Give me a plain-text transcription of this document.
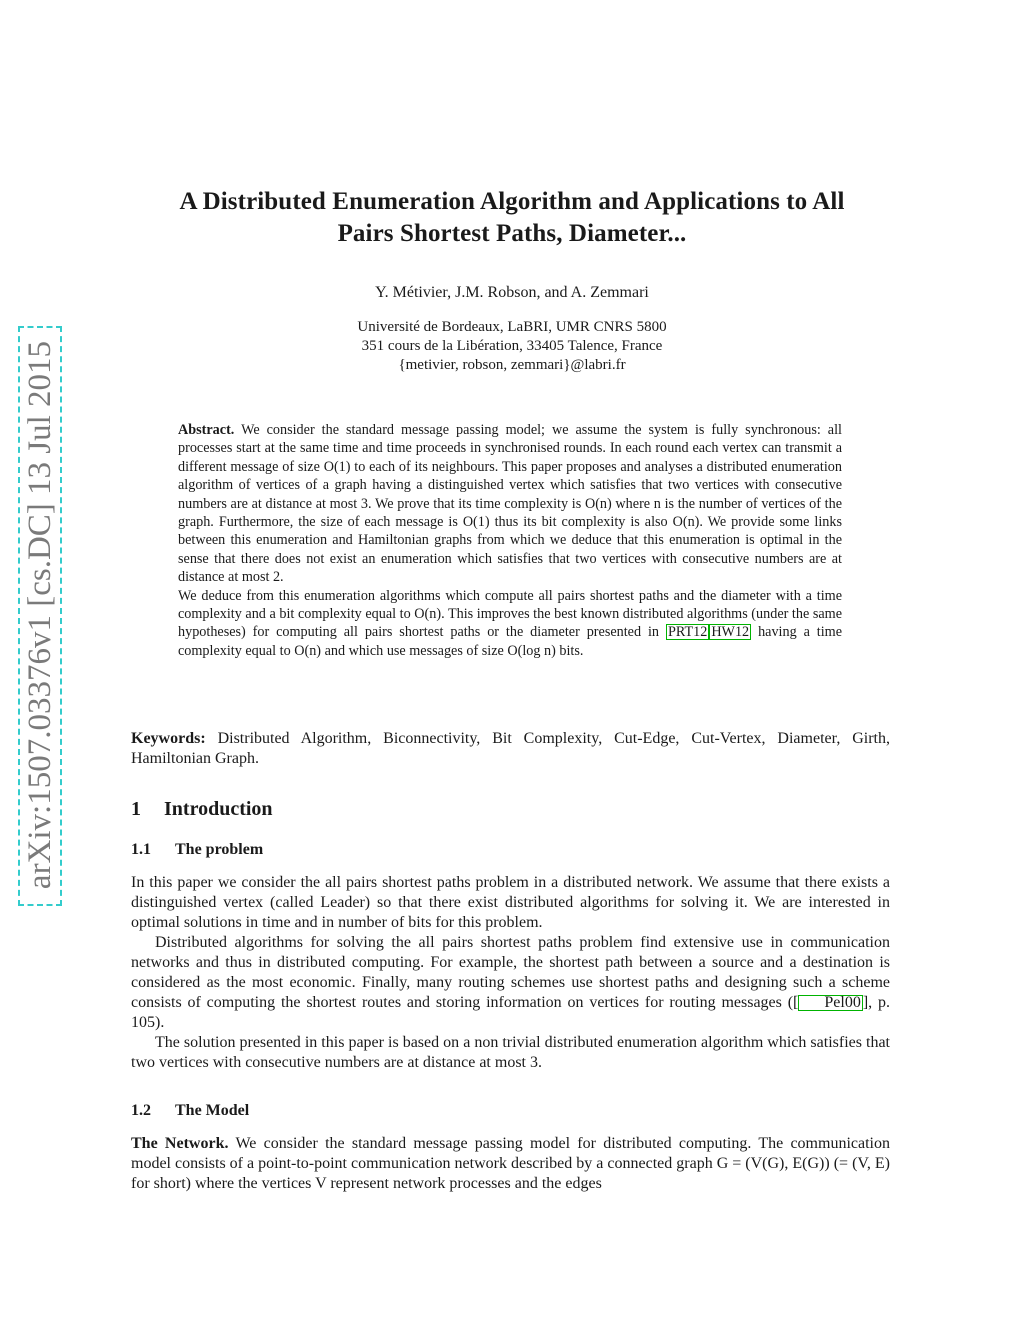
arXiv:1507.03376v1 [cs.DC] 13 Jul 2015
A Distributed Enumeration Algorithm and Applications to All
Pairs Shortest Paths, Diameter...
Y. Métivier, J.M. Robson, and A. Zemmari
Université de Bordeaux, LaBRI, UMR CNRS 5800
351 cours de la Libération, 33405 Talence, France
{metivier, robson, zemmari}@labri.fr

Abstract. We consider the standard message passing model; we assume the system is fully synchronous: all processes start at the same time and time proceeds in synchronised rounds. In each round each vertex can transmit a different message of size O(1) to each of its neighbours. This paper proposes and analyses a distributed enumeration algorithm of vertices of a graph having a distinguished vertex which satisfies that two vertices with consecutive numbers are at distance at most 3. We prove that its time complexity is O(n) where n is the number of vertices of the graph. Furthermore, the size of each message is O(1) thus its bit complexity is also O(n). We provide some links between this enumeration and Hamiltonian graphs from which we deduce that this enumeration is optimal in the sense that there does not exist an enumeration which satisfies that two vertices with consecutive numbers are at distance at most 2.

We deduce from this enumeration algorithms which compute all pairs shortest paths and the diameter with a time complexity and a bit complexity equal to O(n). This improves the best known distributed algorithms (under the same hypotheses) for computing all pairs shortest paths or the diameter presented in PRT12 HW12 having a time complexity equal to O(n) and which use messages of size O(log n) bits.

Keywords: Distributed Algorithm, Biconnectivity, Bit Complexity, Cut-Edge, Cut-Vertex, Diameter, Girth, Hamiltonian Graph.

1 Introduction
1.1 The problem

In this paper we consider the all pairs shortest paths problem in a distributed network. We assume that there exists a distinguished vertex (called Leader) so that there exist distributed algorithms for solving it. We are interested in optimal solutions in time and in number of bits for this problem.

Distributed algorithms for solving the all pairs shortest paths problem find extensive use in communication networks and thus in distributed computing. For example, the shortest path between a source and a destination is considered as the most economic. Finally, many routing schemes use shortest paths and designing such a scheme consists of computing the shortest routes and storing information on vertices for routing messages ([ Pel00 ], p. 105).

The solution presented in this paper is based on a non trivial distributed enumeration algorithm which satisfies that two vertices with consecutive numbers are at distance at most 3.

1.2 The Model

The Network. We consider the standard message passing model for distributed computing. The communication model consists of a point-to-point communication network described by a connected graph G = (V(G), E(G)) (= (V, E) for short) where the vertices V represent network processes and the edges
